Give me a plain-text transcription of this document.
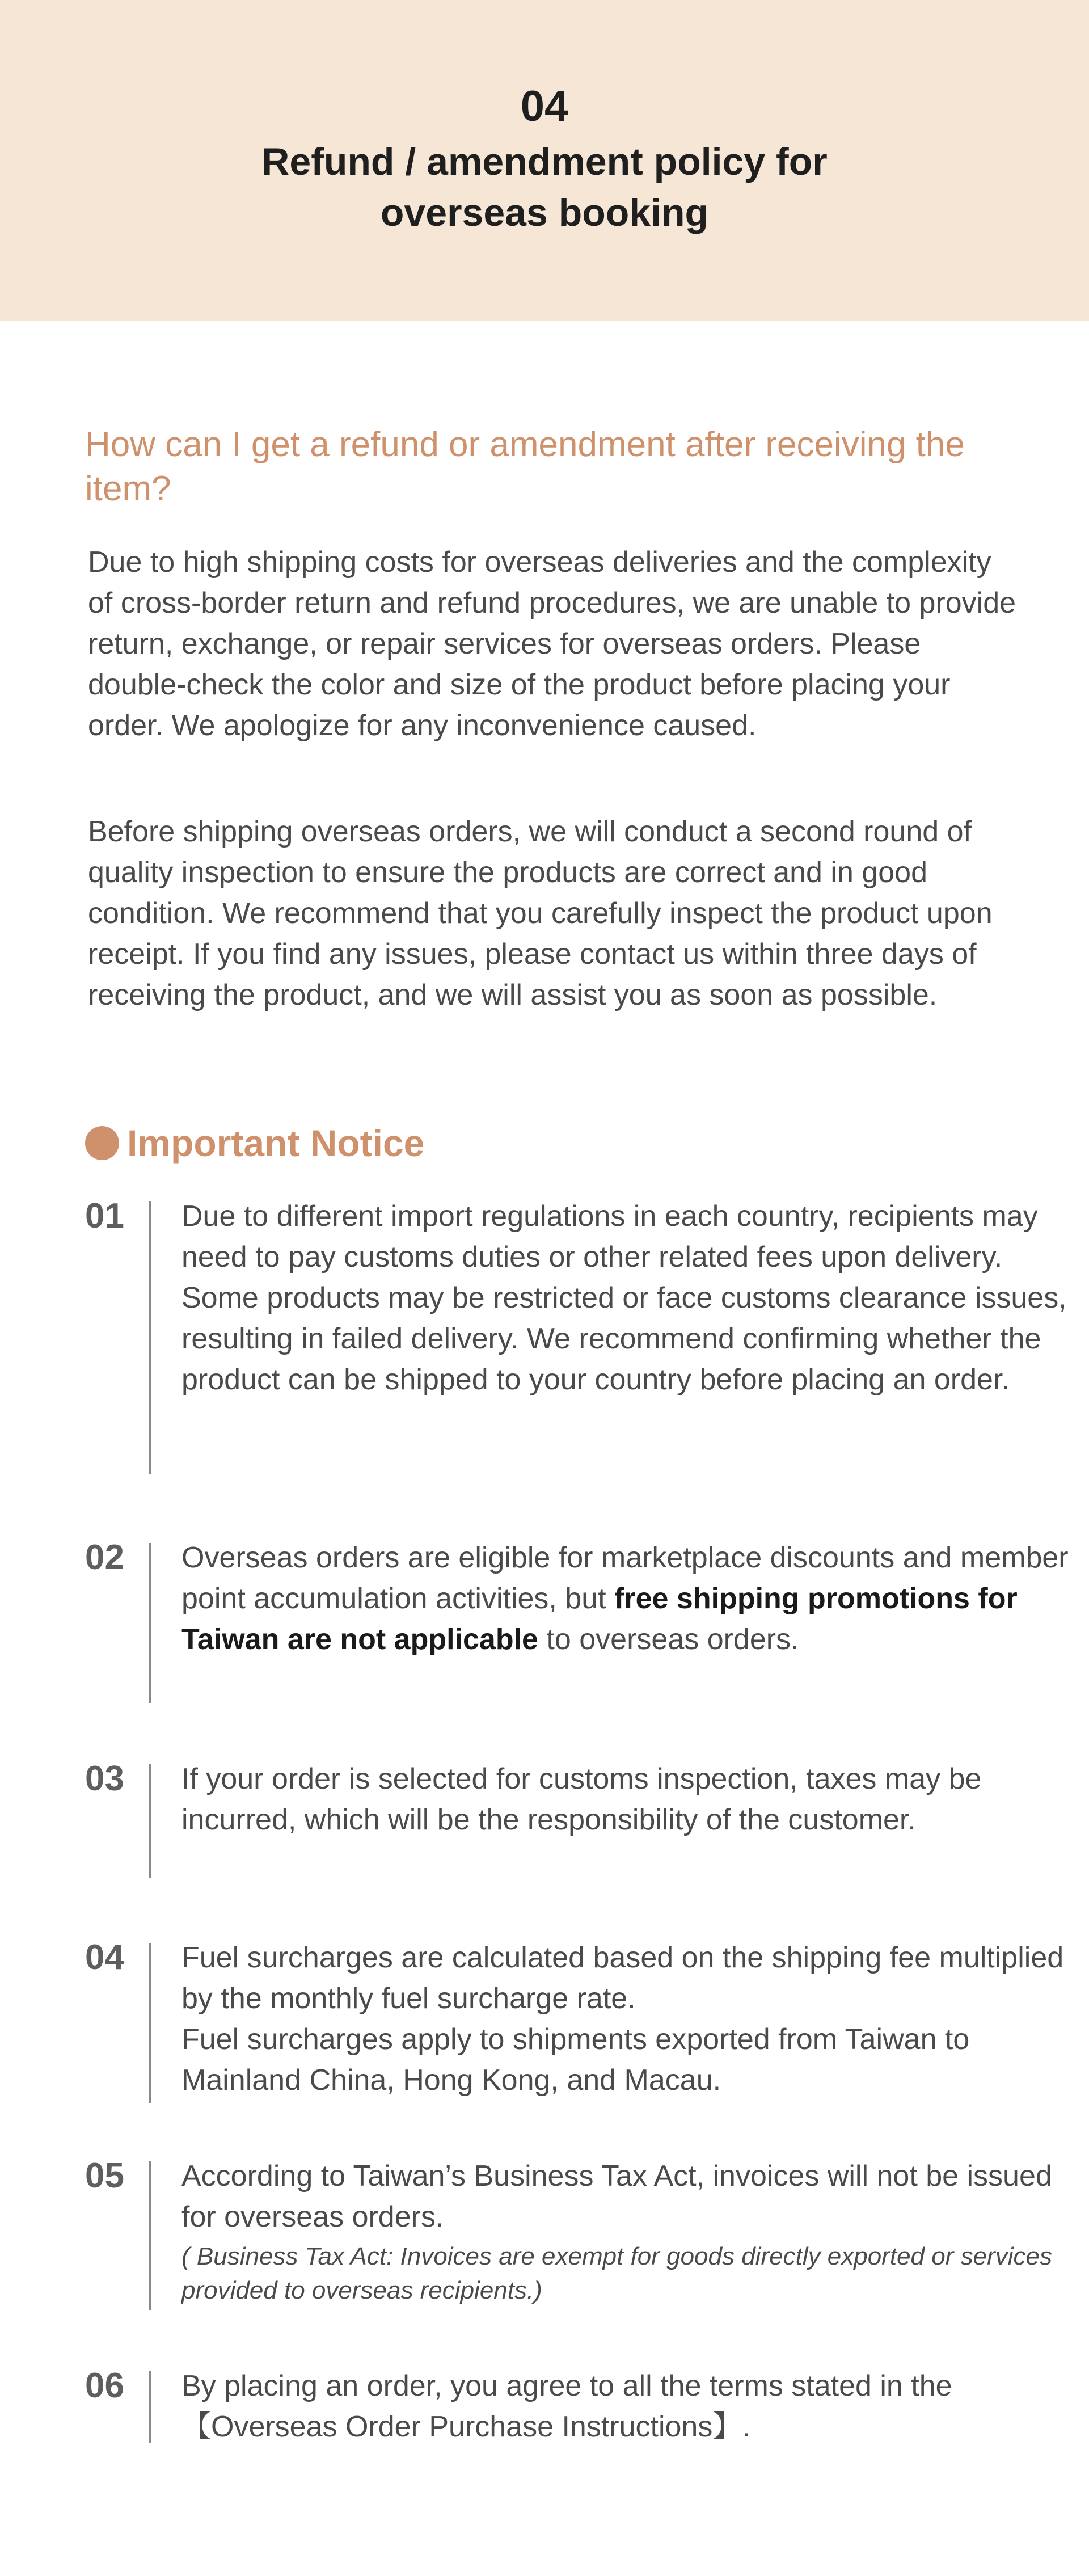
04
Refund / amendment policy for overseas booking
How can I get a refund or amendment after receiving the item?
Due to high shipping costs for overseas deliveries and the complexity of cross-border return and refund procedures, we are unable to provide return, exchange, or repair services for overseas orders. Please double-check the color and size of the product before placing your order. We apologize for any inconvenience caused.
Before shipping overseas orders, we will conduct a second round of quality inspection to ensure the products are correct and in good condition. We recommend that you carefully inspect the product upon receipt. If you find any issues, please contact us within three days of receiving the product, and we will assist you as soon as possible.
Important Notice
01 Due to different import regulations in each country, recipients may need to pay customs duties or other related fees upon delivery.

Some products may be restricted or face customs clearance issues, resulting in failed delivery. We recommend confirming whether the product can be shipped to your country before placing an order.

02 Overseas orders are eligible for marketplace discounts and member point accumulation activities, but free shipping promotions for Taiwan are not applicable to overseas orders.

03 If your order is selected for customs inspection, taxes may be incurred, which will be the responsibility of the customer.

04 Fuel surcharges are calculated based on the shipping fee multiplied by the monthly fuel surcharge rate.

Fuel surcharges apply to shipments exported from Taiwan to Mainland China, Hong Kong, and Macau.

05 According to Taiwan’s Business Tax Act, invoices will not be issued for overseas orders.

( Business Tax Act: Invoices are exempt for goods directly exported or services provided to overseas recipients.)

06 By placing an order, you agree to all the terms stated in the【Overseas Order Purchase Instructions】.
